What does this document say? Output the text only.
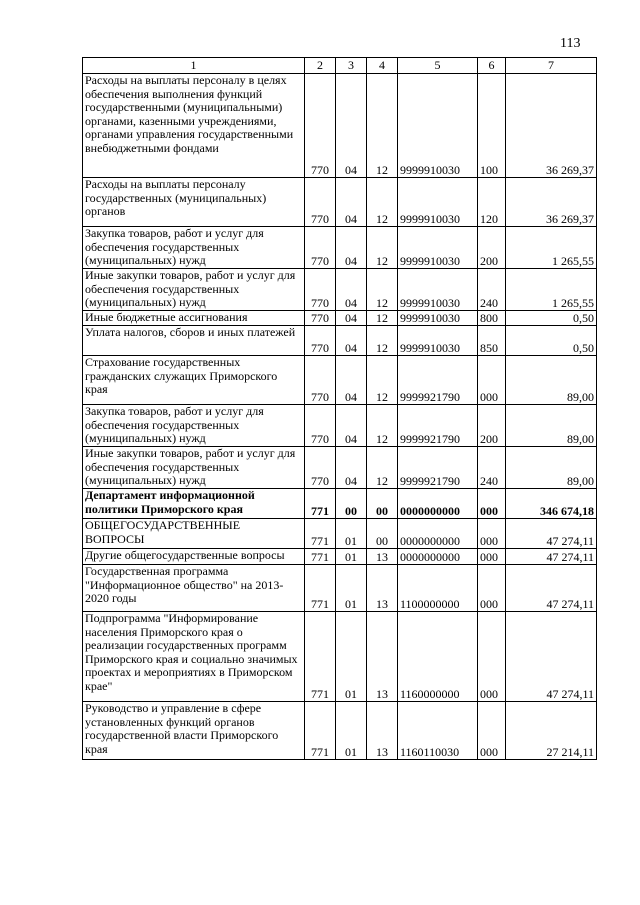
113
1	2	3	4	5	6	7
Расходы на выплаты персоналу в целях обеспечения выполнения функций государственными (муниципальными) органами, казенными учреждениями, органами управления государственными внебюджетными фондами	770	04	12	9999910030	100	36 269,37
Расходы на выплаты персоналу государственных (муниципальных) органов	770	04	12	9999910030	120	36 269,37
Закупка товаров, работ и услуг для обеспечения государственных (муниципальных) нужд	770	04	12	9999910030	200	1 265,55
Иные закупки товаров, работ и услуг для обеспечения государственных (муниципальных) нужд	770	04	12	9999910030	240	1 265,55
Иные бюджетные ассигнования	770	04	12	9999910030	800	0,50
Уплата налогов, сборов и иных платежей	770	04	12	9999910030	850	0,50
Страхование государственных гражданских служащих Приморского края	770	04	12	9999921790	000	89,00
Закупка товаров, работ и услуг для обеспечения государственных (муниципальных) нужд	770	04	12	9999921790	200	89,00
Иные закупки товаров, работ и услуг для обеспечения государственных (муниципальных) нужд	770	04	12	9999921790	240	89,00
Департамент информационной политики Приморского края	771	00	00	0000000000	000	346 674,18
ОБЩЕГОСУДАРСТВЕННЫЕ ВОПРОСЫ	771	01	00	0000000000	000	47 274,11
Другие общегосударственные вопросы	771	01	13	0000000000	000	47 274,11
Государственная программа "Информационное общество" на 2013-2020 годы	771	01	13	1100000000	000	47 274,11
Подпрограмма "Информирование населения Приморского края о реализации государственных программ Приморского края и социально значимых проектах и мероприятиях в Приморском крае"	771	01	13	1160000000	000	47 274,11
Руководство и управление в сфере установленных функций органов государственной власти Приморского края	771	01	13	1160110030	000	27 214,11
